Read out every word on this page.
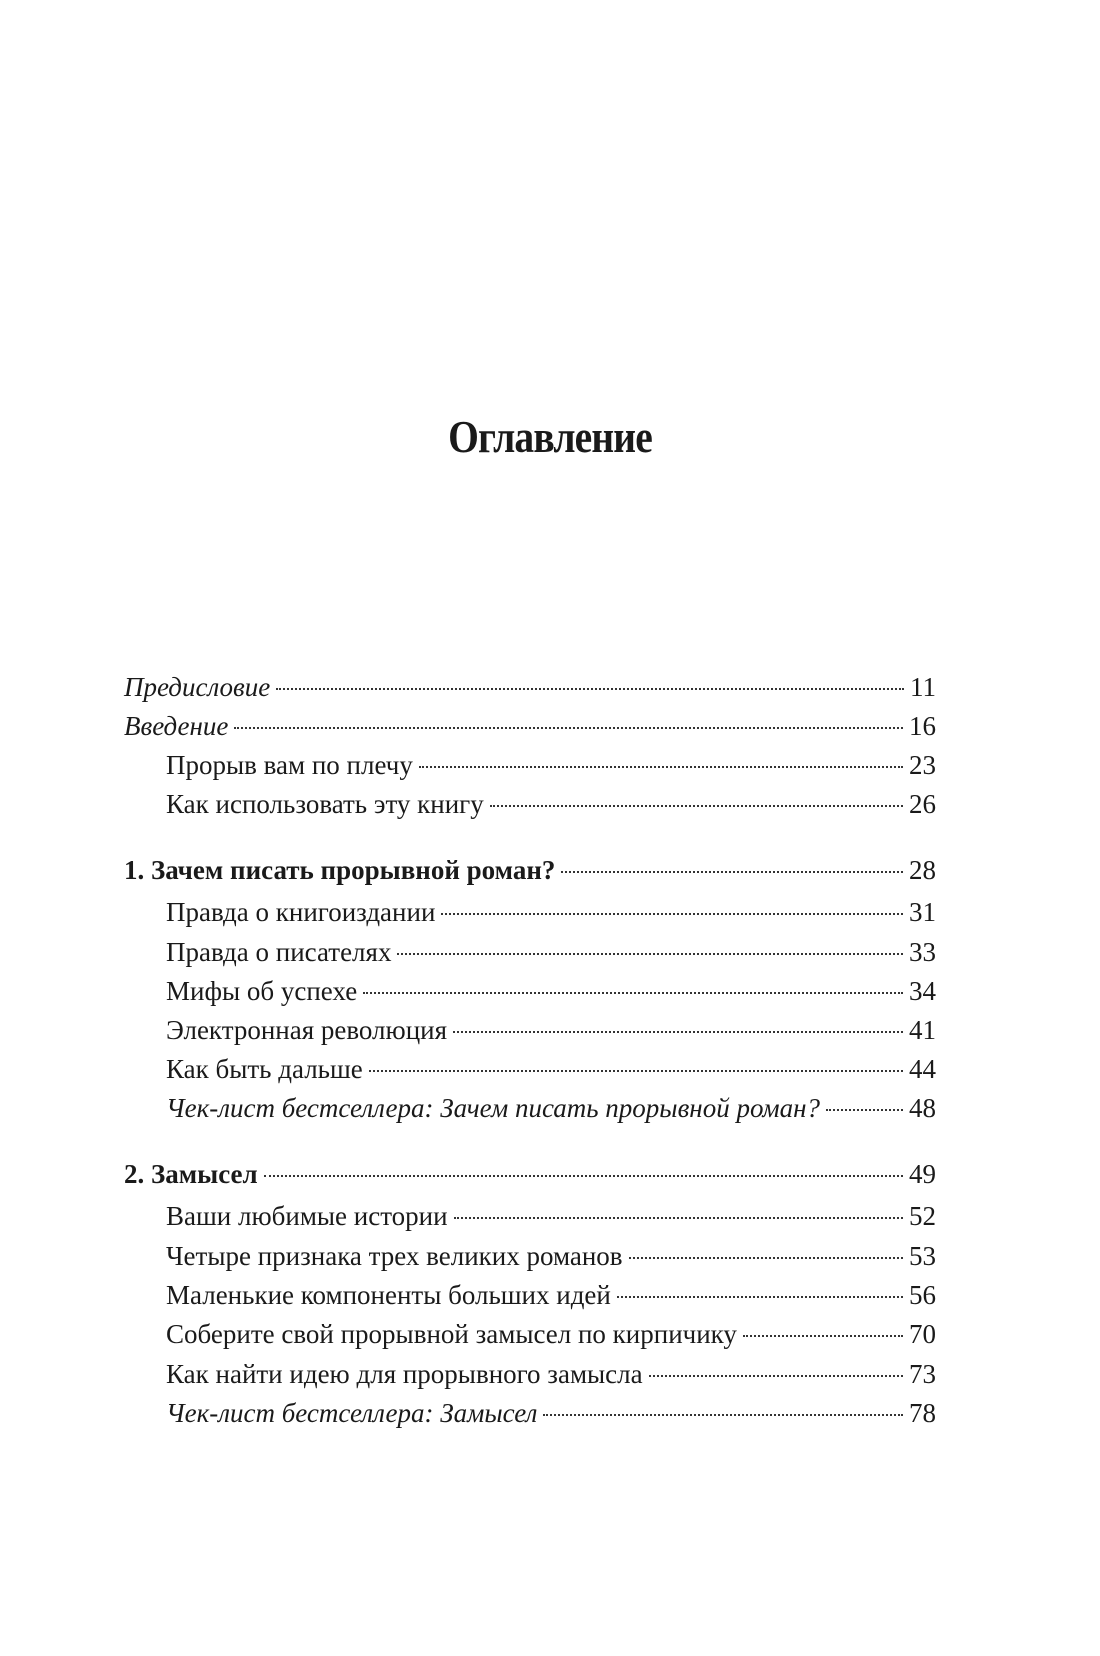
Оглавление
Предисловие	11
Введение	16
Прорыв вам по плечу	23
Как использовать эту книгу	26
1. Зачем писать прорывной роман?	28
Правда о книгоиздании	31
Правда о писателях	33
Мифы об успехе	34
Электронная революция	41
Как быть дальше	44
Чек-лист бестселлера: Зачем писать прорывной роман?	48
2. Замысел	49
Ваши любимые истории	52
Четыре признака трех великих романов	53
Маленькие компоненты больших идей	56
Соберите свой прорывной замысел по кирпичику	70
Как найти идею для прорывного замысла	73
Чек-лист бестселлера: Замысел	78
